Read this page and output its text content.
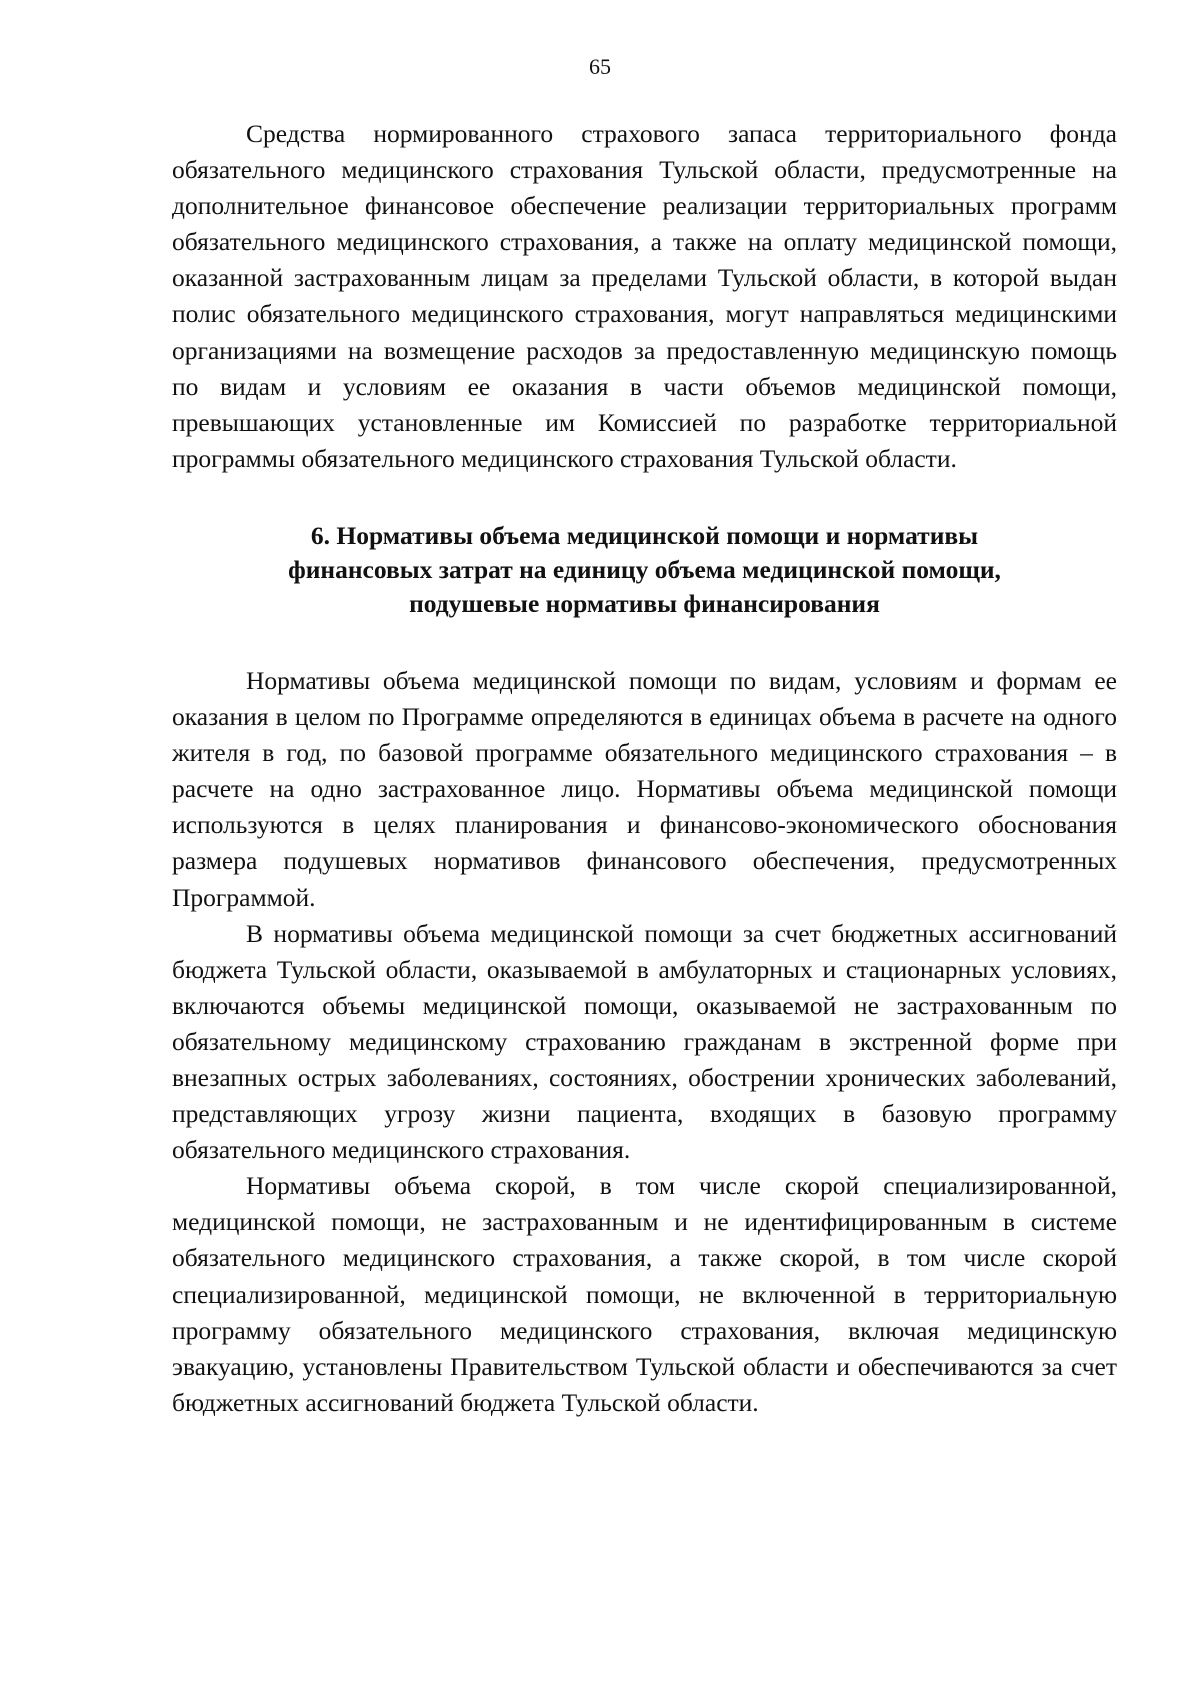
65

Средства нормированного страхового запаса территориального фонда обязательного медицинского страхования Тульской области, предусмотренные на дополнительное финансовое обеспечение реализации территориальных программ обязательного медицинского страхования, а также на оплату медицинской помощи, оказанной застрахованным лицам за пределами Тульской области, в которой выдан полис обязательного медицинского страхования, могут направляться медицинскими организациями на возмещение расходов за предоставленную медицинскую помощь по видам и условиям ее оказания в части объемов медицинской помощи, превышающих установленные им Комиссией по разработке территориальной программы обязательного медицинского страхования Тульской области.

6. Нормативы объема медицинской помощи и нормативы
финансовых затрат на единицу объема медицинской помощи,
подушевые нормативы финансирования

Нормативы объема медицинской помощи по видам, условиям и формам ее оказания в целом по Программе определяются в единицах объема в расчете на одного жителя в год, по базовой программе обязательного медицинского страхования – в расчете на одно застрахованное лицо. Нормативы объема медицинской помощи используются в целях планирования и финансово-экономического обоснования размера подушевых нормативов финансового обеспечения, предусмотренных Программой.

В нормативы объема медицинской помощи за счет бюджетных ассигнований бюджета Тульской области, оказываемой в амбулаторных и стационарных условиях, включаются объемы медицинской помощи, оказываемой не застрахованным по обязательному медицинскому страхованию гражданам в экстренной форме при внезапных острых заболеваниях, состояниях, обострении хронических заболеваний, представляющих угрозу жизни пациента, входящих в базовую программу обязательного медицинского страхования.

Нормативы объема скорой, в том числе скорой специализированной, медицинской помощи, не застрахованным и не идентифицированным в системе обязательного медицинского страхования, а также скорой, в том числе скорой специализированной, медицинской помощи, не включенной в территориальную программу обязательного медицинского страхования, включая медицинскую эвакуацию, установлены Правительством Тульской области и обеспечиваются за счет бюджетных ассигнований бюджета Тульской области.
